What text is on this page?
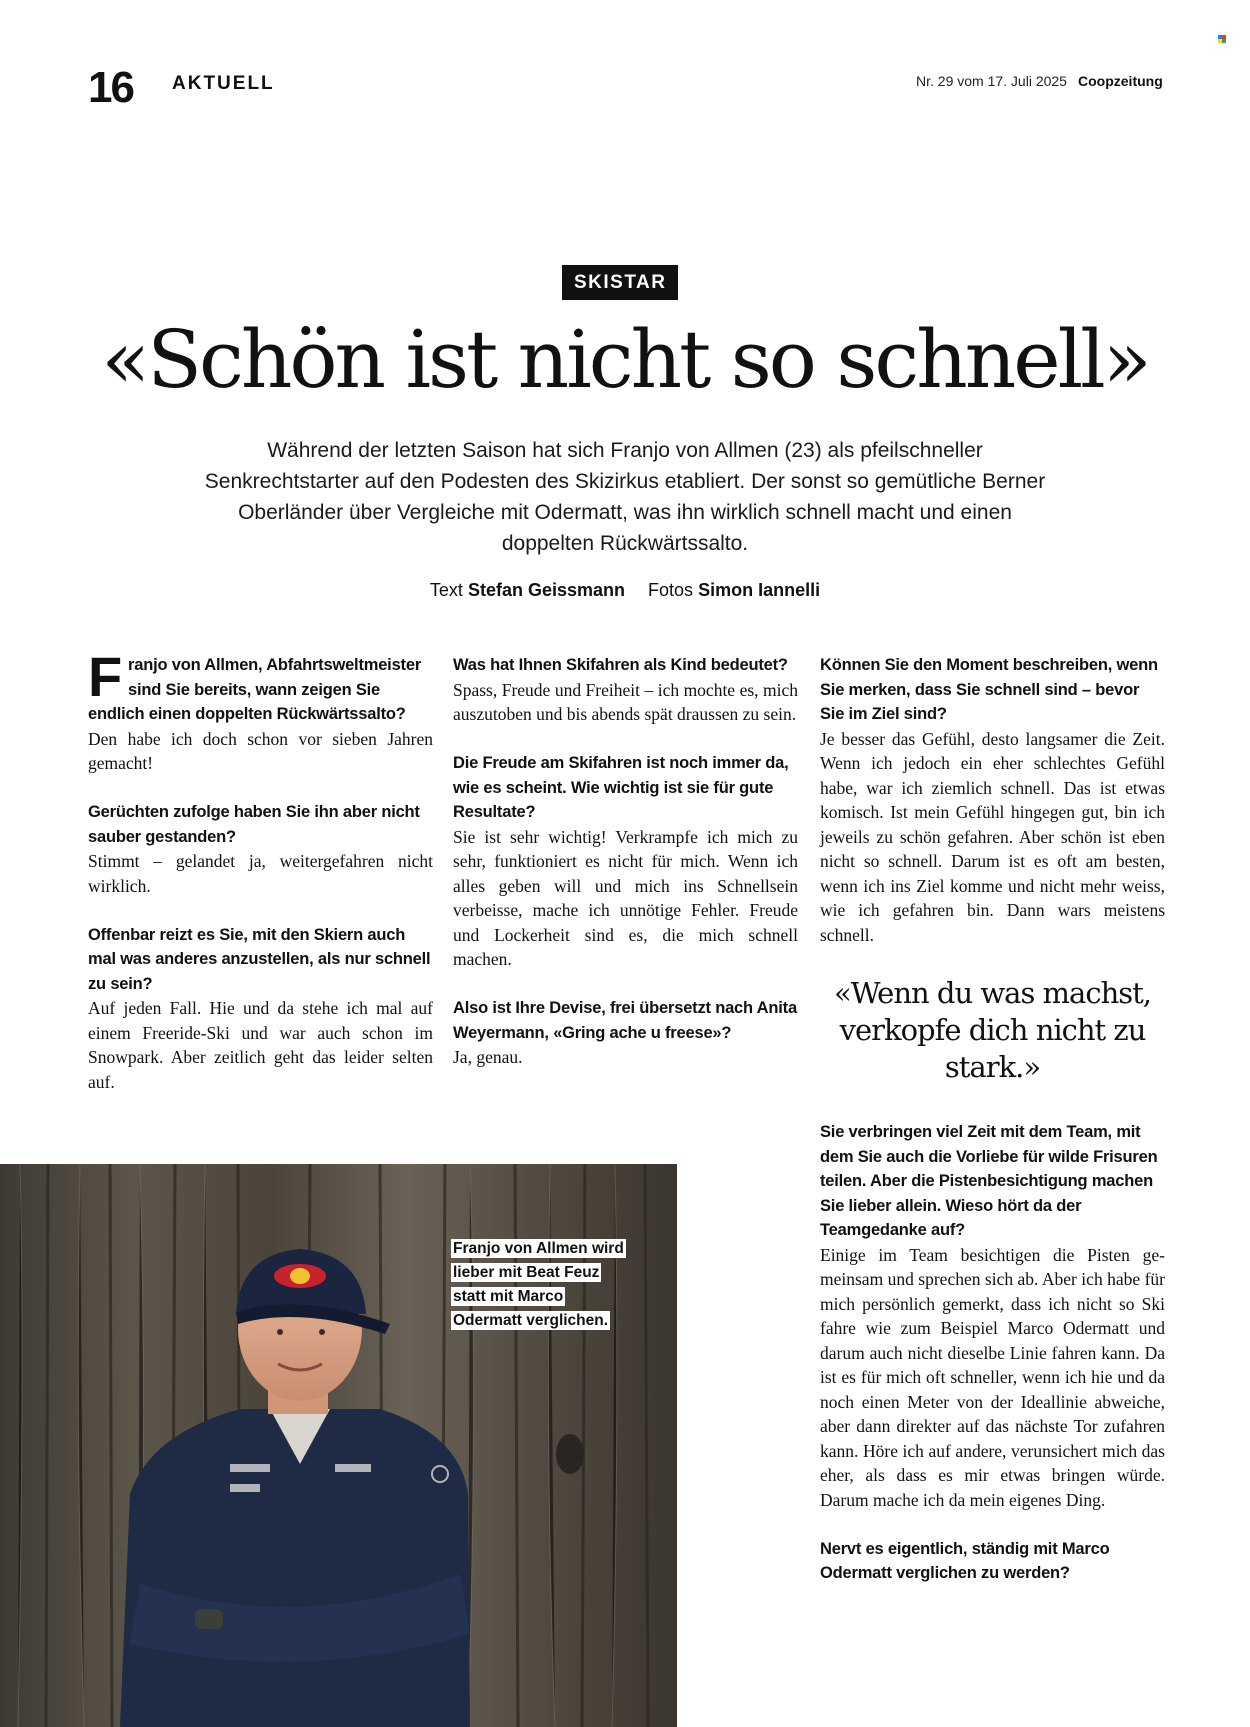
16 AKTUELL	Nr. 29 vom 17. Juli 2025 Coopzeitung
SKISTAR
«Schön ist nicht so schnell»
Während der letzten Saison hat sich Franjo von Allmen (23) als pfeilschneller Senkrechtstarter auf den Podesten des Skizirkus etabliert. Der sonst so gemütliche Berner Oberländer über Vergleiche mit Odermatt, was ihn wirklich schnell macht und einen doppelten Rückwärtssalto.
Text Stefan Geissmann Fotos Simon Iannelli

Franjo von Allmen, Abfahrtsweltmeister sind Sie bereits, wann zeigen Sie endlich einen doppelten Rückwärtssalto?
Den habe ich doch schon vor sieben Jahren gemacht!

Gerüchten zufolge haben Sie ihn aber nicht sauber gestanden?
Stimmt – gelandet ja, weitergefahren nicht wirklich.

Offenbar reizt es Sie, mit den Skiern auch mal was anderes anzustellen, als nur schnell zu sein?
Auf jeden Fall. Hie und da stehe ich mal auf einem Freeride-Ski und war auch schon im Snowpark. Aber zeitlich geht das leider selten auf.

Was hat Ihnen Skifahren als Kind bedeutet?
Spass, Freude und Freiheit – ich mochte es, mich auszutoben und bis abends spät draussen zu sein.

Die Freude am Skifahren ist noch immer da, wie es scheint. Wie wichtig ist sie für gute Resultate?
Sie ist sehr wichtig! Verkrampfe ich mich zu sehr, funktioniert es nicht für mich. Wenn ich alles geben will und mich ins Schnellsein verbeisse, mache ich unnötige Fehler. Freude und Lockerheit sind es, die mich schnell machen.

Also ist Ihre Devise, frei übersetzt nach Anita Weyermann, «Gring ache u freese»?
Ja, genau.

Können Sie den Moment beschreiben, wenn Sie merken, dass Sie schnell sind – bevor Sie im Ziel sind?
Je besser das Gefühl, desto langsamer die Zeit. Wenn ich jedoch ein eher schlechtes Gefühl habe, war ich ziemlich schnell. Das ist etwas komisch. Ist mein Gefühl hingegen gut, bin ich jeweils zu schön gefahren. Aber schön ist eben nicht so schnell. Darum ist es oft am besten, wenn ich ins Ziel komme und nicht mehr weiss, wie ich gefahren bin. Dann wars meistens schnell.

«Wenn du was machst, verkopfe dich nicht zu stark.»

Sie verbringen viel Zeit mit dem Team, mit dem Sie auch die Vorliebe für wilde Frisuren teilen. Aber die Pistenbesichtigung machen Sie lieber allein. Wieso hört da der Teamgedanke auf?
Einige im Team besichtigen die Pisten gemeinsam und sprechen sich ab. Aber ich habe für mich persönlich gemerkt, dass ich nicht so Ski fahre wie zum Beispiel Marco Odermatt und darum auch nicht dieselbe Linie fahren kann. Da ist es für mich oft schneller, wenn ich hie und da noch einen Meter von der Ideallinie abweiche, aber dann direkter auf das nächste Tor zufahren kann. Höre ich auf andere, verunsichert mich das eher, als dass es mir etwas bringen würde. Darum mache ich da mein eigenes Ding.

Nervt es eigentlich, ständig mit Marco Odermatt verglichen zu werden?

Franjo von Allmen wird lieber mit Beat Feuz statt mit Marco Odermatt verglichen.
